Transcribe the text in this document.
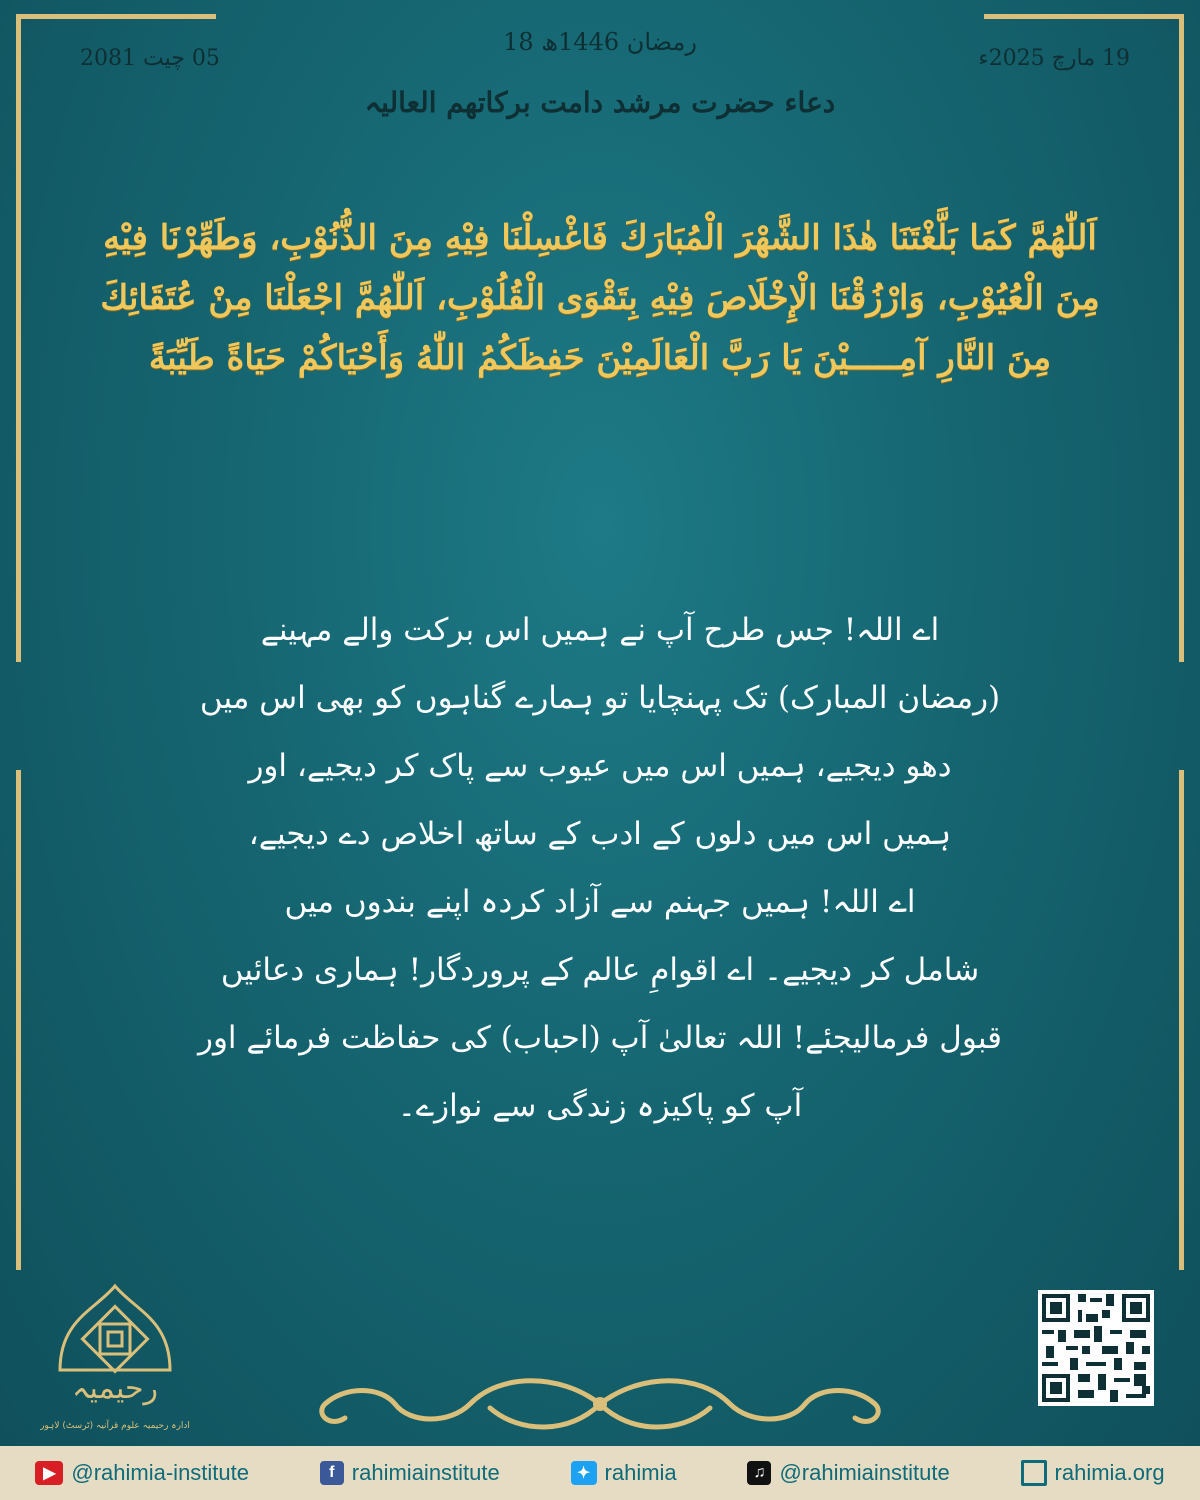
18 رمضان 1446ھ
19 مارچ 2025ء
05 چیت 2081
دعاء حضرت مرشد دامت برکاتھم العالیہ
اَللّٰهُمَّ كَمَا بَلَّغْتَنَا هٰذَا الشَّهْرَ الْمُبَارَكَ فَاغْسِلْنَا فِيْهِ مِنَ الذُّنُوْبِ، وَطَهِّرْنَا فِيْهِ مِنَ الْعُيُوْبِ، وَارْزُقْنَا الْإِخْلَاصَ فِيْهِ بِتَقْوَى الْقُلُوْبِ، اَللّٰهُمَّ اجْعَلْنَا مِنْ عُتَقَائِكَ مِنَ النَّارِ آمِـــــيْنَ يَا رَبَّ الْعَالَمِيْنَ حَفِظَكُمُ اللّٰهُ وَأَحْيَاكُمْ حَيَاةً طَيِّبَةً
اے اللہ! جس طرح آپ نے ہمیں اس برکت والے مہینے
(رمضان المبارک) تک پہنچایا تو ہمارے گناہوں کو بھی اس میں
دھو دیجیے، ہمیں اس میں عیوب سے پاک کر دیجیے، اور
ہمیں اس میں دلوں کے ادب کے ساتھ اخلاص دے دیجیے،
اے اللہ! ہمیں جہنم سے آزاد کردہ اپنے بندوں میں
شامل کر دیجیے۔ اے اقوامِ عالم کے پروردگار! ہماری دعائیں
قبول فرمالیجئے! اللہ تعالیٰ آپ (احباب) کی حفاظت فرمائے اور
آپ کو پاکیزہ زندگی سے نوازے۔
رحیمیہ
ادارہ رحیمیہ علوم قرآنیہ (ٹرسٹ) لاہور
▶ @rahimia-institute	f rahimiainstitute	✦ rahimia	♫ @rahimiainstitute	rahimia.org
